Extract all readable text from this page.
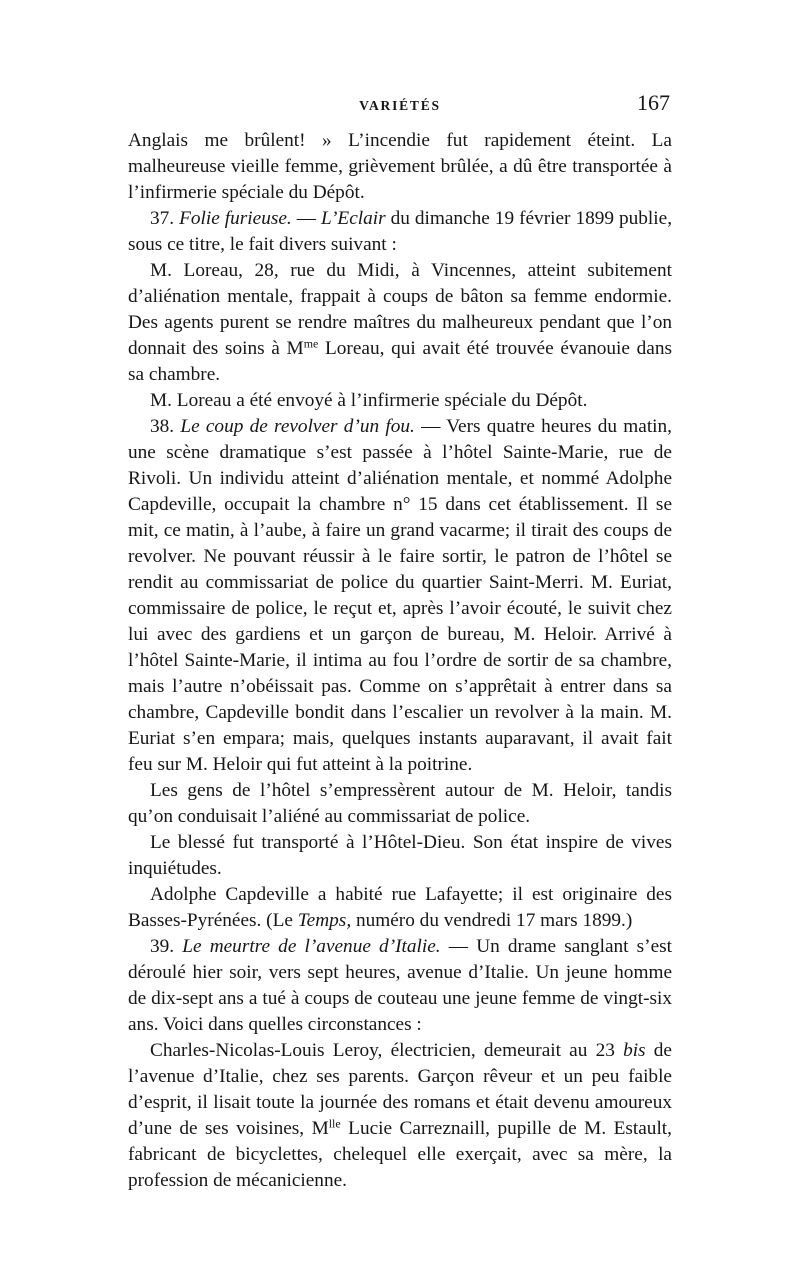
VARIÉTÉS	167

Anglais me brûlent! » L’incendie fut rapidement éteint. La malheureuse vieille femme, grièvement brûlée, a dû être transportée à l’infirmerie spéciale du Dépôt.

37. Folie furieuse. — L’Eclair du dimanche 19 février 1899 publie, sous ce titre, le fait divers suivant :

M. Loreau, 28, rue du Midi, à Vincennes, atteint subitement d’aliénation mentale, frappait à coups de bâton sa femme endormie. Des agents purent se rendre maîtres du malheureux pendant que l’on donnait des soins à $M^{me}$ Loreau, qui avait été trouvée évanouie dans sa chambre.

M. Loreau a été envoyé à l’infirmerie spéciale du Dépôt.

38. Le coup de revolver d’un fou. — Vers quatre heures du matin, une scène dramatique s’est passée à l’hôtel Sainte-Marie, rue de Rivoli. Un individu atteint d’aliénation mentale, et nommé Adolphe Capdeville, occupait la chambre n° 15 dans cet établissement. Il se mit, ce matin, à l’aube, à faire un grand vacarme; il tirait des coups de revolver. Ne pouvant réussir à le faire sortir, le patron de l’hôtel se rendit au commissariat de police du quartier Saint-Merri. M. Euriat, commissaire de police, le reçut et, après l’avoir écouté, le suivit chez lui avec des gardiens et un garçon de bureau, M. Heloir. Arrivé à l’hôtel Sainte-Marie, il intima au fou l’ordre de sortir de sa chambre, mais l’autre n’obéissait pas. Comme on s’apprêtait à entrer dans sa chambre, Capdeville bondit dans l’escalier un revolver à la main. M. Euriat s’en empara; mais, quelques instants auparavant, il avait fait feu sur M. Heloir qui fut atteint à la poitrine.

Les gens de l’hôtel s’empressèrent autour de M. Heloir, tandis qu’on conduisait l’aliéné au commissariat de police.

Le blessé fut transporté à l’Hôtel-Dieu. Son état inspire de vives inquiétudes.

Adolphe Capdeville a habité rue Lafayette; il est originaire des Basses-Pyrénées. (Le Temps, numéro du vendredi 17 mars 1899.)

39. Le meurtre de l’avenue d’Italie. — Un drame sanglant s’est déroulé hier soir, vers sept heures, avenue d’Italie. Un jeune homme de dix-sept ans a tué à coups de couteau une jeune femme de vingt-six ans. Voici dans quelles circonstances :

Charles-Nicolas-Louis Leroy, électricien, demeurait au 23 bis de l’avenue d’Italie, chez ses parents. Garçon rêveur et un peu faible d’esprit, il lisait toute la journée des romans et était devenu amoureux d’une de ses voisines, $M^{lle}$ Lucie Carreznaill, pupille de M. Estault, fabricant de bicyclettes, chelequel elle exerçait, avec sa mère, la profession de mécanicienne.
